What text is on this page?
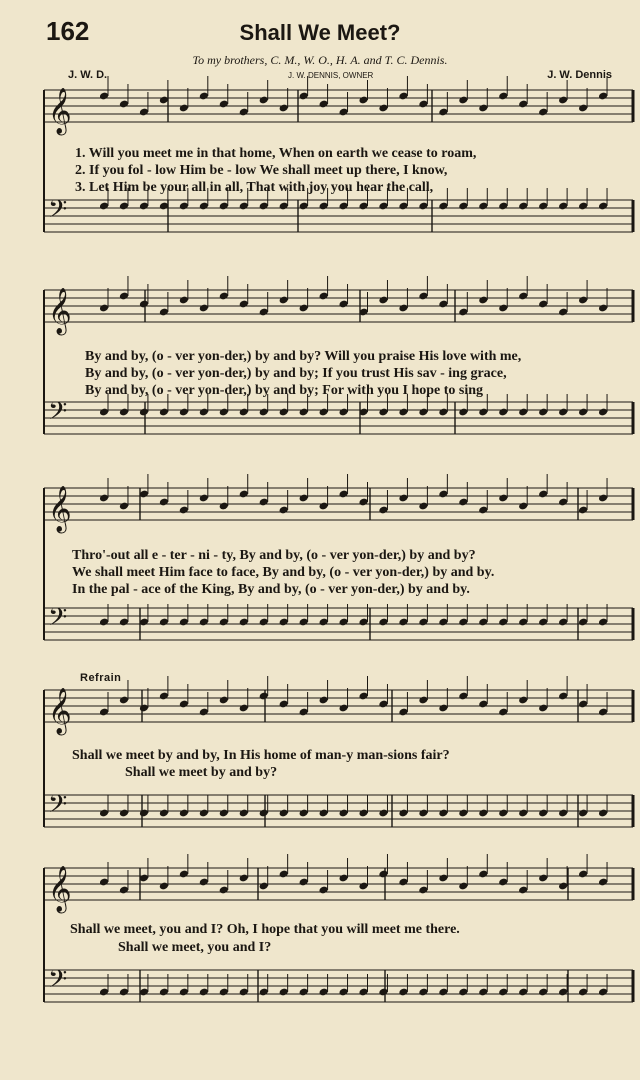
162	Shall We Meet?
To my brothers, C. M., W. O., H. A. and T. C. Dennis.
J. W. D.	J. W. DENNIS, OWNER	J. W. Dennis
𝄞
𝄢
𝄞
𝄢
𝄞
𝄢
𝄞
𝄢
𝄞
𝄢
1. Will you meet me in that home, When on earth we cease to roam,
2. If you fol - low Him be - low We shall meet up there, I know,
3. Let Him be your all in all, That with joy you hear the call,
By and by, (o - ver yon-der,) by and by? Will you praise His love with me,
By and by, (o - ver yon-der,) by and by; If you trust His sav - ing grace,
By and by, (o - ver yon-der,) by and by; For with you I hope to sing
Thro'-out all e - ter - ni - ty, By and by, (o - ver yon-der,) by and by?
We shall meet Him face to face, By and by, (o - ver yon-der,) by and by.
In the pal - ace of the King, By and by, (o - ver yon-der,) by and by.
Refrain
Shall we meet by and by, In His home of man-y man-sions fair?
Shall we meet by and by?
Shall we meet, you and I? Oh, I hope that you will meet me there.
Shall we meet, you and I?
